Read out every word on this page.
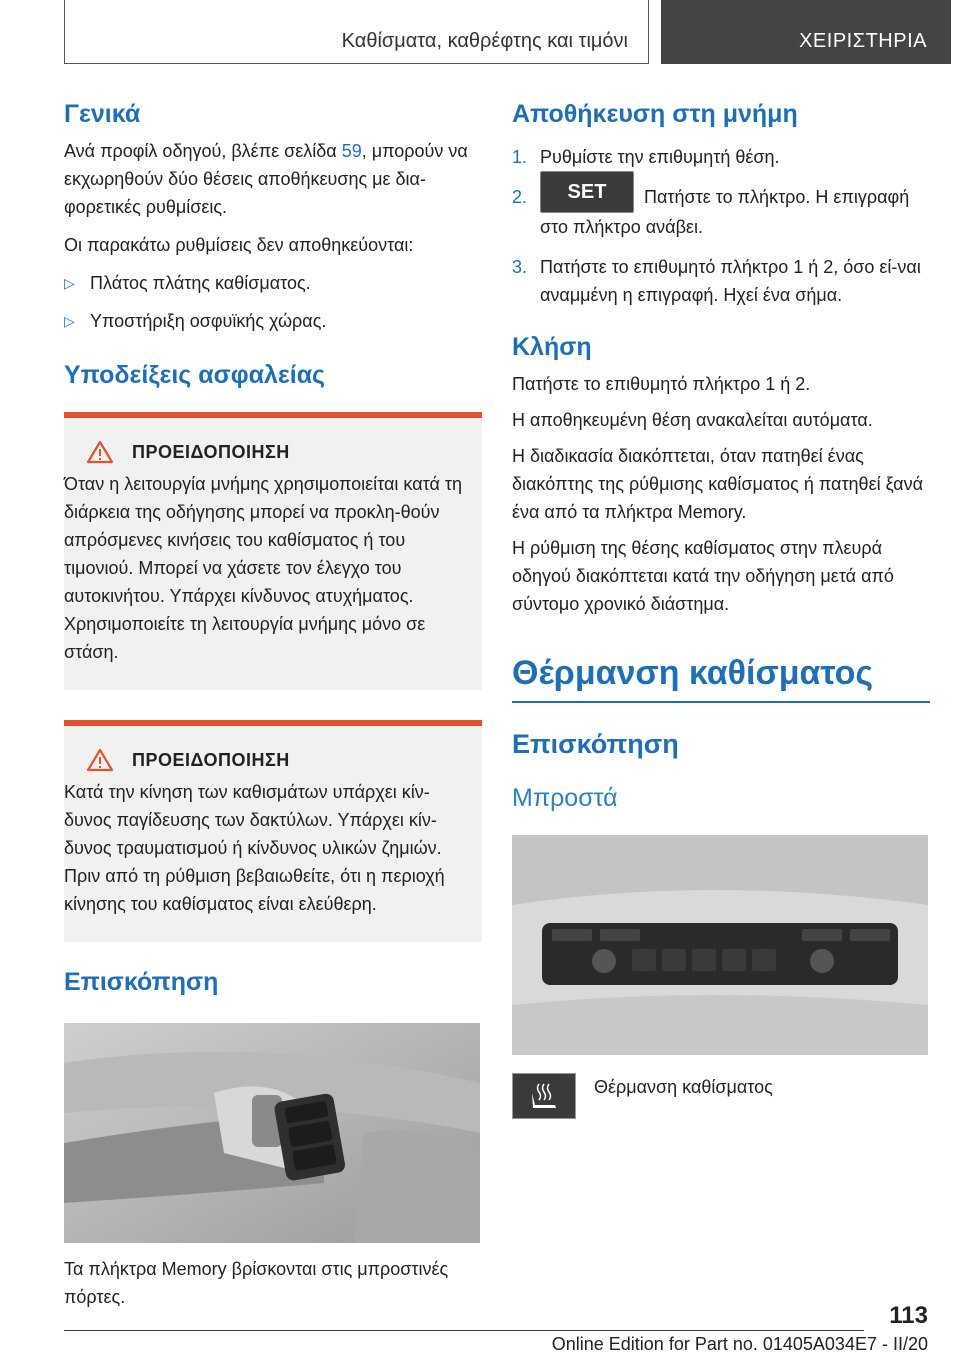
Καθίσματα, καθρέφτης και τιμόνι	ΧΕΙΡΙΣΤΗΡΙΑ
Γενικά

Ανά προφίλ οδηγού, βλέπε σελίδα 59, μπορούν να εκχωρηθούν δύο θέσεις αποθήκευσης με δια-φορετικές ρυθμίσεις.

Οι παρακάτω ρυθμίσεις δεν αποθηκεύονται:

▷ Πλάτος πλάτης καθίσματος.
▷ Υποστήριξη οσφυϊκής χώρας.
Υποδείξεις ασφαλείας
ΠΡΟΕΙΔΟΠΟΙΗΣΗ

Όταν η λειτουργία μνήμης χρησιμοποιείται κατά τη διάρκεια της οδήγησης μπορεί να προκλη-θούν απρόσμενες κινήσεις του καθίσματος ή του τιμονιού. Μπορεί να χάσετε τον έλεγχο του αυτοκινήτου. Υπάρχει κίνδυνος ατυχήματος. Χρησιμοποιείτε τη λειτουργία μνήμης μόνο σε στάση.

ΠΡΟΕΙΔΟΠΟΙΗΣΗ

Κατά την κίνηση των καθισμάτων υπάρχει κίν-δυνος παγίδευσης των δακτύλων. Υπάρχει κίν-δυνος τραυματισμού ή κίνδυνος υλικών ζημιών. Πριν από τη ρύθμιση βεβαιωθείτε, ότι η περιοχή κίνησης του καθίσματος είναι ελεύθερη.

Επισκόπηση

Τα πλήκτρα Memory βρίσκονται στις μπροστινές πόρτες.

Αποθήκευση στη μνήμη
1. Ρυθμίστε την επιθυμητή θέση.
2.	SET Πατήστε το πλήκτρο. Η επιγραφή στο πλήκτρο ανάβει.
3. Πατήστε το επιθυμητό πλήκτρο 1 ή 2, όσο εί-ναι αναμμένη η επιγραφή. Ηχεί ένα σήμα.
Κλήση

Πατήστε το επιθυμητό πλήκτρο 1 ή 2.

Η αποθηκευμένη θέση ανακαλείται αυτόματα.

Η διαδικασία διακόπτεται, όταν πατηθεί ένας διακόπτης της ρύθμισης καθίσματος ή πατηθεί ξανά ένα από τα πλήκτρα Memory.

Η ρύθμιση της θέσης καθίσματος στην πλευρά οδηγού διακόπτεται κατά την οδήγηση μετά από σύντομο χρονικό διάστημα.

Θέρμανση καθίσματος
Επισκόπηση
Μπροστά

Θέρμανση καθίσματος

113
Online Edition for Part no. 01405A034E7 - II/20
